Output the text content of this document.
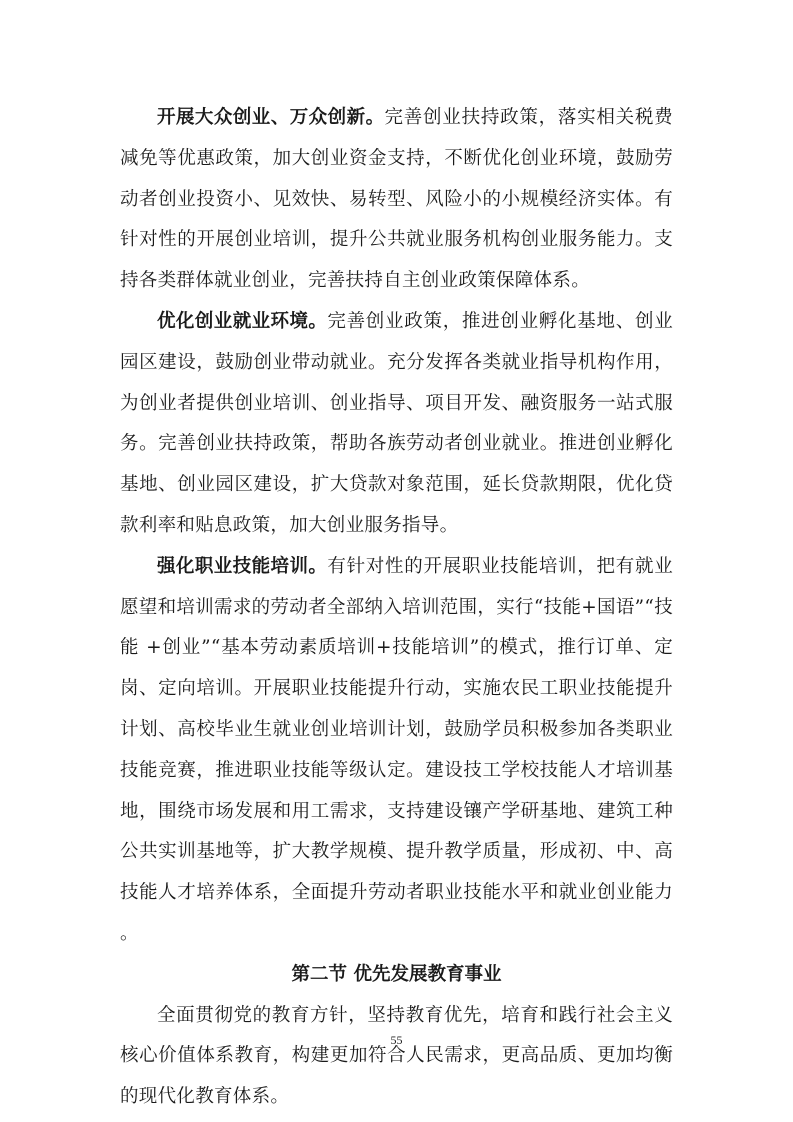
开展大众创业、万众创新。完善创业扶持政策，落实相关税费减免等优惠政策，加大创业资金支持，不断优化创业环境，鼓励劳动者创业投资小、见效快、易转型、风险小的小规模经济实体。有针对性的开展创业培训，提升公共就业服务机构创业服务能力。支持各类群体就业创业，完善扶持自主创业政策保障体系。

优化创业就业环境。完善创业政策，推进创业孵化基地、创业园区建设，鼓励创业带动就业。充分发挥各类就业指导机构作用，为创业者提供创业培训、创业指导、项目开发、融资服务一站式服务。完善创业扶持政策，帮助各族劳动者创业就业。推进创业孵化基地、创业园区建设，扩大贷款对象范围，延长贷款期限，优化贷款利率和贴息政策，加大创业服务指导。

强化职业技能培训。有针对性的开展职业技能培训，把有就业愿望和培训需求的劳动者全部纳入培训范围，实行“技能+国语”“技能 +创业”“基本劳动素质培训+技能培训”的模式，推行订单、定岗、定向培训。开展职业技能提升行动，实施农民工职业技能提升计划、高校毕业生就业创业培训计划，鼓励学员积极参加各类职业技能竞赛，推进职业技能等级认定。建设技工学校技能人才培训基地，围绕市场发展和用工需求，支持建设镶产学研基地、建筑工种公共实训基地等，扩大教学规模、提升教学质量，形成初、中、高技能人才培养体系，全面提升劳动者职业技能水平和就业创业能力 。

第二节 优先发展教育事业

全面贯彻党的教育方针，坚持教育优先，培育和践行社会主义核心价值体系教育，构建更加符合人民需求，更高品质、更加均衡的现代化教育体系。

55
